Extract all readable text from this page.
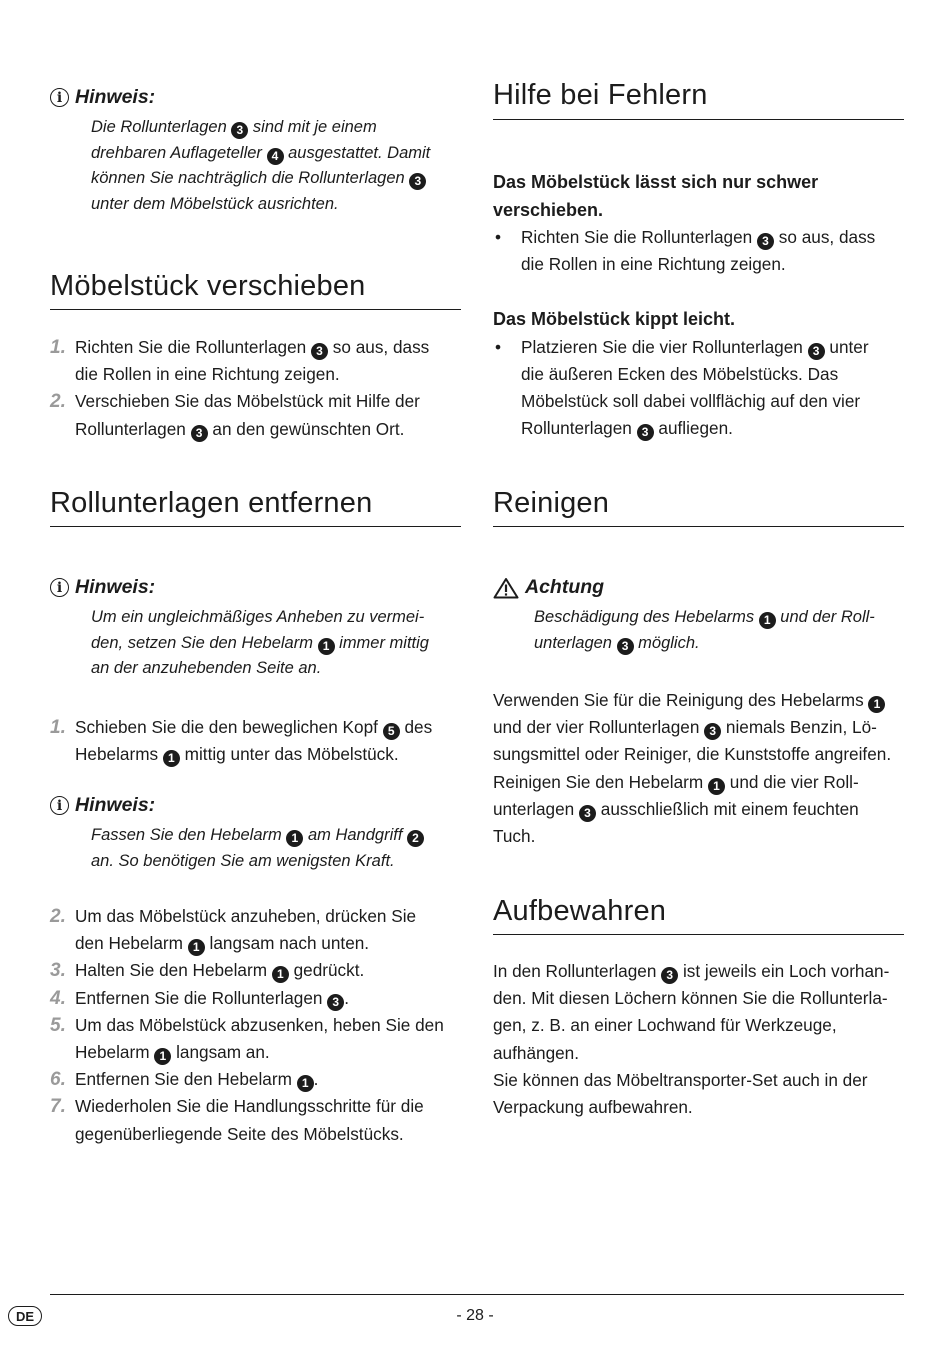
i Hinweis:
Die Rollunterlagen 3 sind mit je einem
drehbaren Auflageteller 4 ausgestattet. Damit
können Sie nachträglich die Rollunterlagen 3
unter dem Möbelstück ausrichten.
Möbelstück verschieben
1. Richten Sie die Rollunterlagen 3 so aus, dass
die Rollen in eine Richtung zeigen.
2. Verschieben Sie das Möbelstück mit Hilfe der
Rollunterlagen 3 an den gewünschten Ort.
Rollunterlagen entfernen
i Hinweis:
Um ein ungleichmäßiges Anheben zu vermei-
den, setzen Sie den Hebelarm 1 immer mittig
an der anzuhebenden Seite an.
1. Schieben Sie die den beweglichen Kopf 5 des
Hebelarms 1 mittig unter das Möbelstück.
i Hinweis:
Fassen Sie den Hebelarm 1 am Handgriff 2
an. So benötigen Sie am wenigsten Kraft.
2. Um das Möbelstück anzuheben, drücken Sie
den Hebelarm 1 langsam nach unten.
3. Halten Sie den Hebelarm 1 gedrückt.
4. Entfernen Sie die Rollunterlagen 3 .
5. Um das Möbelstück abzusenken, heben Sie den
Hebelarm 1 langsam an.
6. Entfernen Sie den Hebelarm 1 .
7. Wiederholen Sie die Handlungsschritte für die
gegenüberliegende Seite des Möbelstücks.
Hilfe bei Fehlern
Das Möbelstück lässt sich nur schwer
verschieben.
•	Richten Sie die Rollunterlagen 3 so aus, dass
die Rollen in eine Richtung zeigen.
Das Möbelstück kippt leicht.
•	Platzieren Sie die vier Rollunterlagen 3 unter
die äußeren Ecken des Möbelstücks. Das
Möbelstück soll dabei vollflächig auf den vier
Rollunterlagen 3 aufliegen.
Reinigen
Achtung
Beschädigung des Hebelarms 1 und der Roll-
unterlagen 3 möglich.
Verwenden Sie für die Reinigung des Hebelarms 1
und der vier Rollunterlagen 3 niemals Benzin, Lö-
sungsmittel oder Reiniger, die Kunststoffe angreifen.
Reinigen Sie den Hebelarm 1 und die vier Roll-
unterlagen 3 ausschließlich mit einem feuchten
Tuch.
Aufbewahren
In den Rollunterlagen 3 ist jeweils ein Loch vorhan-
den. Mit diesen Löchern können Sie die Rollunterla-
gen, z. B. an einer Lochwand für Werkzeuge,
aufhängen.
Sie können das Möbeltransporter-Set auch in der
Verpackung aufbewahren.
DE	- 28 -
